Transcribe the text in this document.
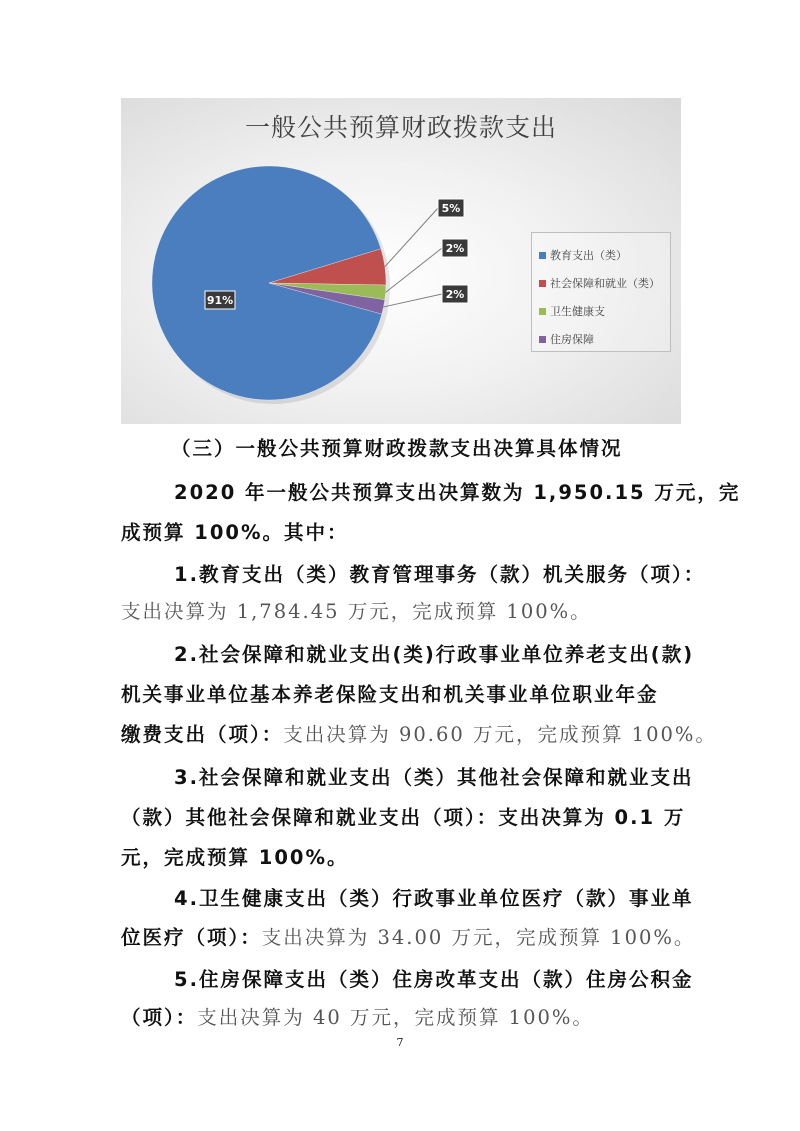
91%
5%
2%
2%
一般公共预算财政拨款支出
教育支出（类）
社会保障和就业（类）
卫生健康支
住房保障
（三）一般公共预算财政拨款支出决算具体情况
2020 年一般公共预算支出决算数为 1,950.15 万元，完
成预算 100%。其中：
1.教育支出（类）教育管理事务（款）机关服务（项）：
支出决算为 1,784.45 万元，完成预算 100%。
2.社会保障和就业支出(类)行政事业单位养老支出(款)
机关事业单位基本养老保险支出和机关事业单位职业年金
缴费支出（项）：支出决算为 90.60 万元，完成预算 100%。
3.社会保障和就业支出（类）其他社会保障和就业支出
（款）其他社会保障和就业支出（项）：支出决算为 0.1 万
元，完成预算 100%。
4.卫生健康支出（类）行政事业单位医疗（款）事业单
位医疗（项）：支出决算为 34.00 万元，完成预算 100%。
5.住房保障支出（类）住房改革支出（款）住房公积金
（项）：支出决算为 40 万元，完成预算 100%。
7
